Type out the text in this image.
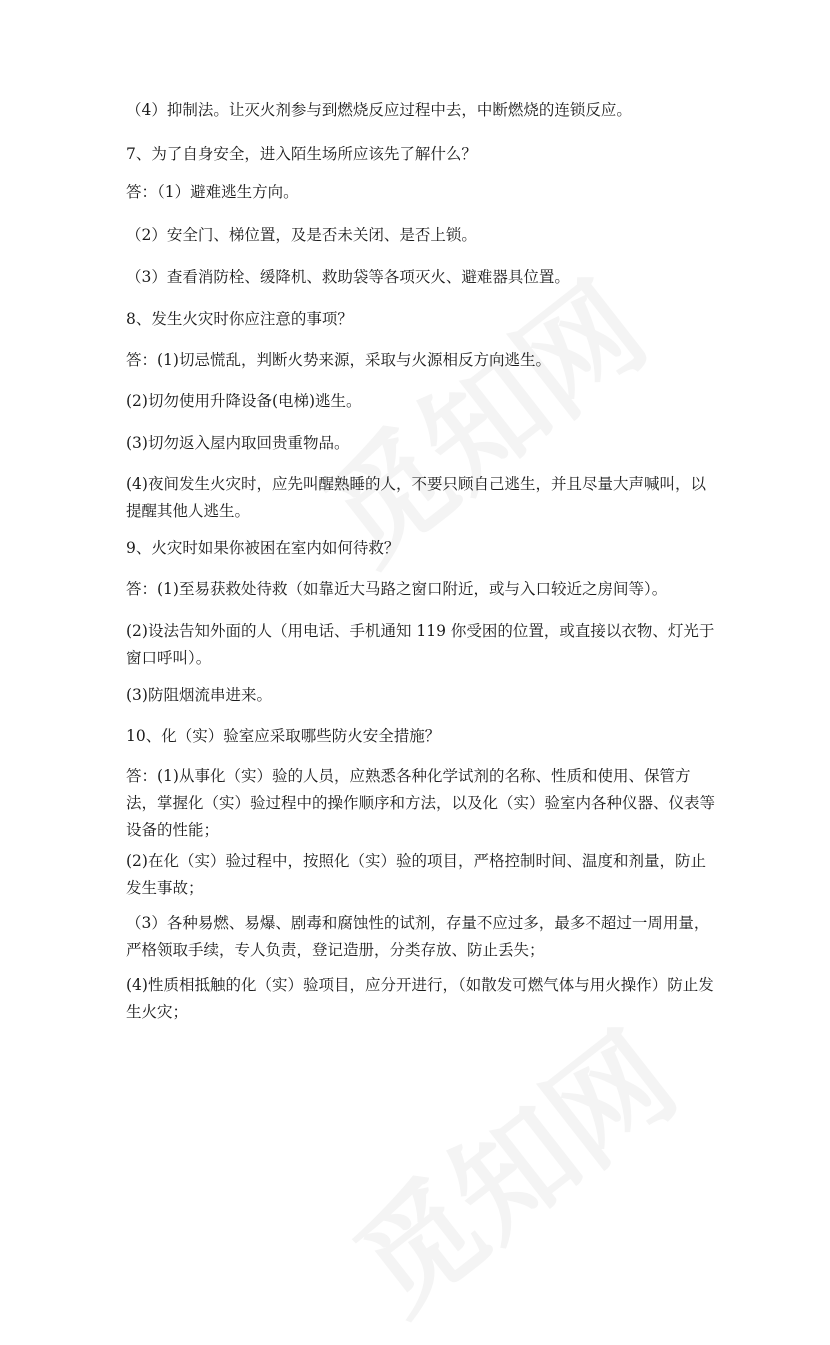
（4）抑制法。让灭火剂参与到燃烧反应过程中去，中断燃烧的连锁反应。

7、为了自身安全，进入陌生场所应该先了解什么？

答：（1）避难逃生方向。

（2）安全门、梯位置，及是否未关闭、是否上锁。

（3）查看消防栓、缓降机、救助袋等各项灭火、避难器具位置。

8、发生火灾时你应注意的事项？

答：(1)切忌慌乱，判断火势来源，采取与火源相反方向逃生。

(2)切勿使用升降设备(电梯)逃生。

(3)切勿返入屋内取回贵重物品。

(4)夜间发生火灾时，应先叫醒熟睡的人，不要只顾自己逃生，并且尽量大声喊叫，以提醒其他人逃生。

9、火灾时如果你被困在室内如何待救？

答：(1)至易获救处待救（如靠近大马路之窗口附近，或与入口较近之房间等）。

(2)设法告知外面的人（用电话、手机通知 119 你受困的位置，或直接以衣物、灯光于窗口呼叫）。

(3)防阻烟流串进来。

10、化（实）验室应采取哪些防火安全措施？

答：(1)从事化（实）验的人员，应熟悉各种化学试剂的名称、性质和使用、保管方法，掌握化（实）验过程中的操作顺序和方法，以及化（实）验室内各种仪器、仪表等设备的性能；

(2)在化（实）验过程中，按照化（实）验的项目，严格控制时间、温度和剂量，防止发生事故；

（3）各种易燃、易爆、剧毒和腐蚀性的试剂，存量不应过多，最多不超过一周用量，严格领取手续，专人负责，登记造册，分类存放、防止丢失；

(4)性质相抵触的化（实）验项目，应分开进行，（如散发可燃气体与用火操作）防止发生火灾；
